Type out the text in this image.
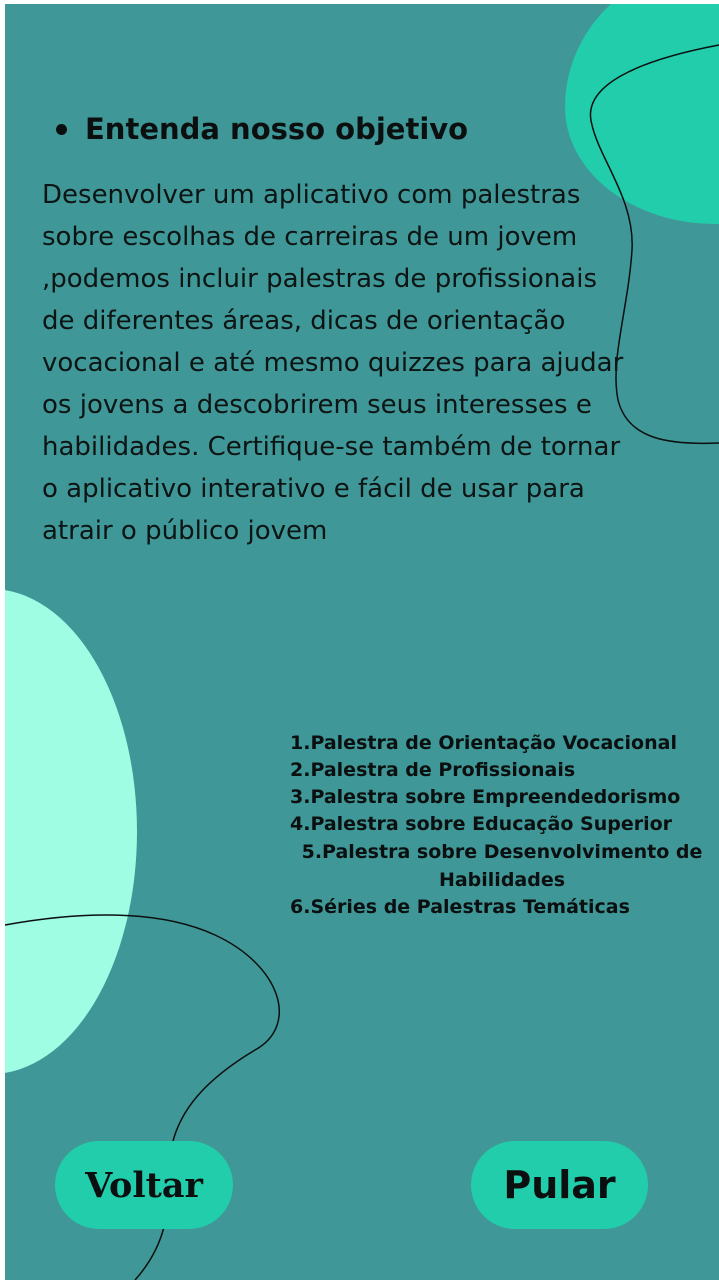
Entenda nosso objetivo

Desenvolver um aplicativo com palestras sobre escolhas de carreiras de um jovem ,podemos incluir palestras de profissionais de diferentes áreas, dicas de orientação vocacional e até mesmo quizzes para ajudar os jovens a descobrirem seus interesses e habilidades. Certifique-se também de tornar o aplicativo interativo e fácil de usar para atrair o público jovem

1.Palestra de Orientação Vocacional
2.Palestra de Profissionais
3.Palestra sobre Empreendedorismo
4.Palestra sobre Educação Superior
5.Palestra sobre Desenvolvimento de Habilidades
6.Séries de Palestras Temáticas
Voltar	Pular
